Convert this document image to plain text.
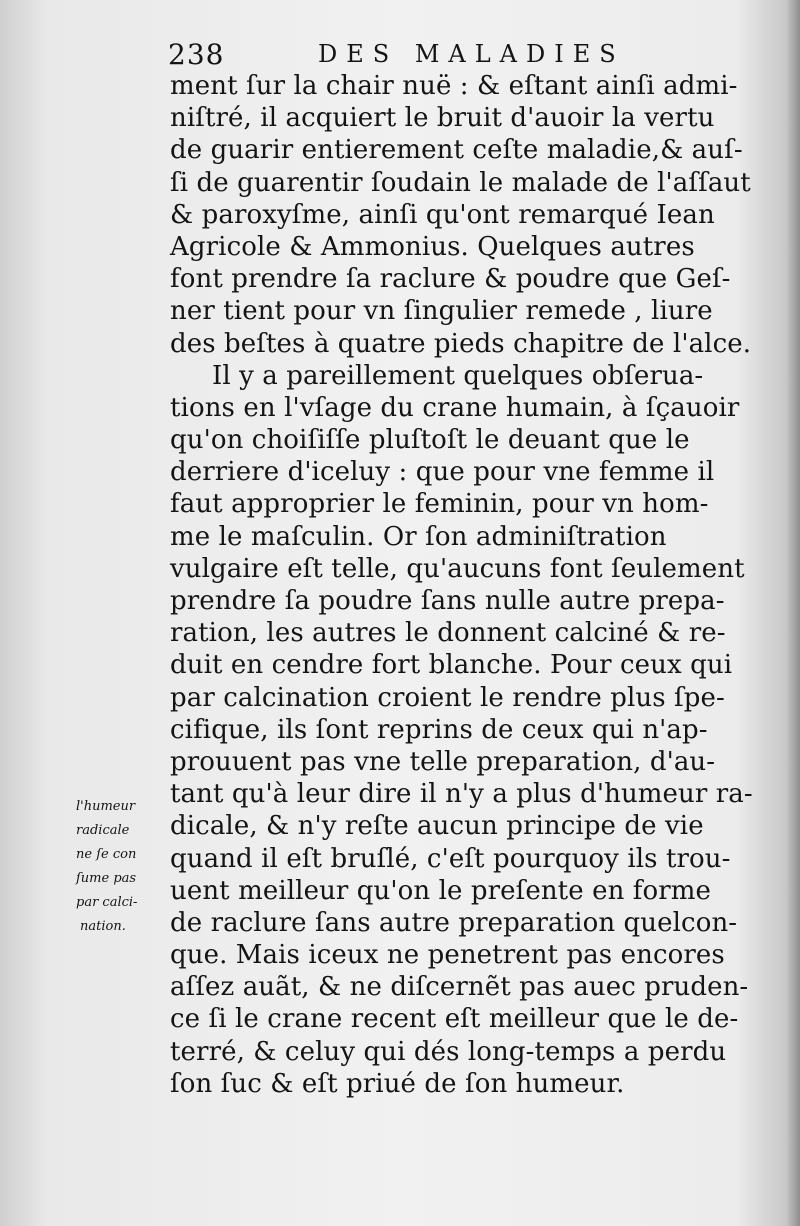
238	DES MALADIES
ment ſur la chair nuë : & eſtant ainſi admi-
niſtré, il acquiert le bruit d'auoir la vertu
de guarir entierement ceſte maladie,& auſ-
ſi de guarentir ſoudain le malade de l'aſſaut
& paroxyſme, ainſi qu'ont remarqué Iean
Agricole & Ammonius. Quelques autres
font prendre ſa raclure & poudre que Geſ-
ner tient pour vn ſingulier remede , liure
des beſtes à quatre pieds chapitre de l'alce.
Il y a pareillement quelques obſerua-
tions en l'vſage du crane humain, à ſçauoir
qu'on choiſiſſe pluſtoſt le deuant que le
derriere d'iceluy : que pour vne femme il
faut approprier le feminin, pour vn hom-
me le maſculin. Or ſon adminiſtration
vulgaire eſt telle, qu'aucuns font ſeulement
prendre ſa poudre ſans nulle autre prepa-
ration, les autres le donnent calciné & re-
duit en cendre fort blanche. Pour ceux qui
par calcination croient le rendre plus ſpe-
cifique, ils ſont reprins de ceux qui n'ap-
prouuent pas vne telle preparation, d'au-
tant qu'à leur dire il n'y a plus d'humeur ra-
dicale, & n'y reſte aucun principe de vie
quand il eſt bruſlé, c'eſt pourquoy ils trou-
uent meilleur qu'on le preſente en forme
de raclure ſans autre preparation quelcon-
que. Mais iceux ne penetrent pas encores
aſſez auãt, & ne diſcernẽt pas auec pruden-
ce ſi le crane recent eſt meilleur que le de-
terré, & celuy qui dés long-temps a perdu
ſon ſuc & eſt priué de ſon humeur.
l'humeur
radicale
ne ſe con
ſume pas
par calci-
nation.
